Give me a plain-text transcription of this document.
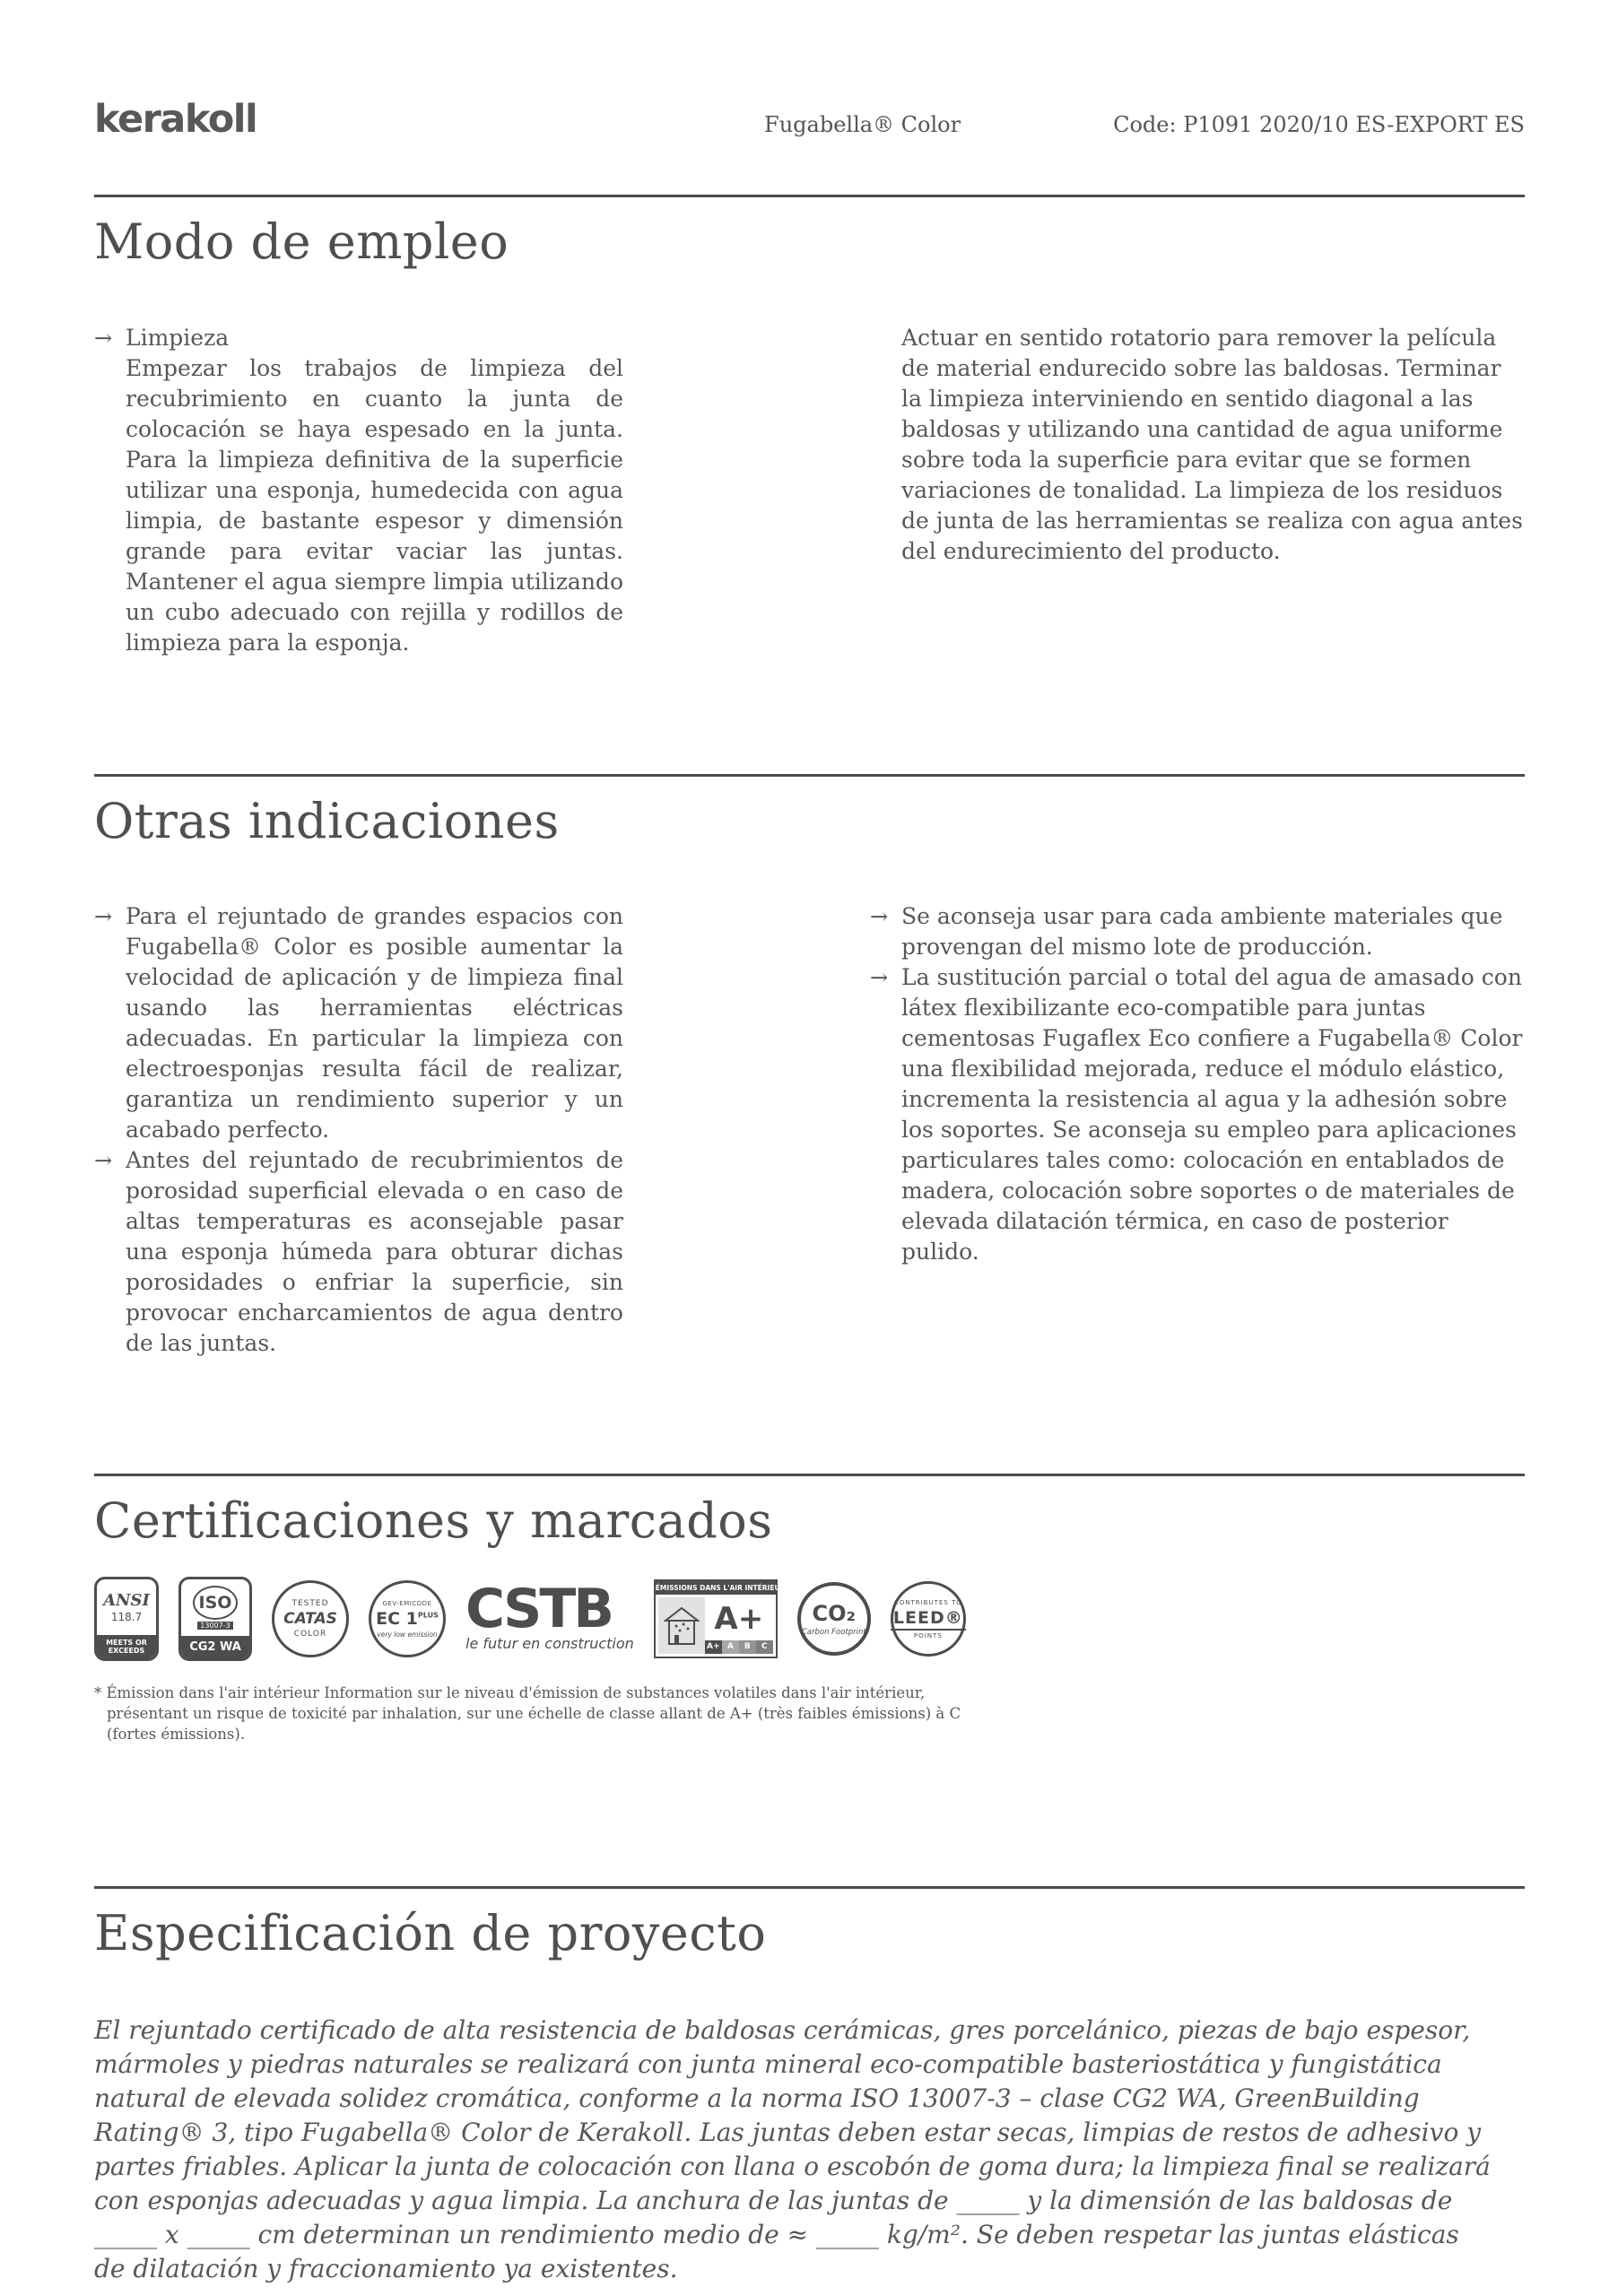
kerakoll	Fugabella® Color	Code: P1091 2020/10 ES-EXPORT ES
Modo de empleo
→ Limpieza
Empezar los trabajos de limpieza del recubrimiento en cuanto la junta de colocación se haya espesado en la junta. Para la limpieza definitiva de la superficie utilizar una esponja, humedecida con agua limpia, de bastante espesor y dimensión grande para evitar vaciar las juntas. Mantener el agua siempre limpia utilizando un cubo adecuado con rejilla y rodillos de limpieza para la esponja.
Actuar en sentido rotatorio para remover la película de material endurecido sobre las baldosas. Terminar la limpieza interviniendo en sentido diagonal a las baldosas y utilizando una cantidad de agua uniforme sobre toda la superficie para evitar que se formen variaciones de tonalidad. La limpieza de los residuos de junta de las herramientas se realiza con agua antes del endurecimiento del producto.
Otras indicaciones
→ Para el rejuntado de grandes espacios con Fugabella® Color es posible aumentar la velocidad de aplicación y de limpieza final usando las herramientas eléctricas adecuadas. En particular la limpieza con electroesponjas resulta fácil de realizar, garantiza un rendimiento superior y un acabado perfecto.
→ Antes del rejuntado de recubrimientos de porosidad superficial elevada o en caso de altas temperaturas es aconsejable pasar una esponja húmeda para obturar dichas porosidades o enfriar la superficie, sin provocar encharcamientos de agua dentro de las juntas.
→ Se aconseja usar para cada ambiente materiales que provengan del mismo lote de producción.
→ La sustitución parcial o total del agua de amasado con látex flexibilizante eco-compatible para juntas cementosas Fugaflex Eco confiere a Fugabella® Color una flexibilidad mejorada, reduce el módulo elástico, incrementa la resistencia al agua y la adhesión sobre los soportes. Se aconseja su empleo para aplicaciones particulares tales como: colocación en entablados de madera, colocación sobre soportes o de materiales de elevada dilatación térmica, en caso de posterior pulido.
Certificaciones y marcados
ANSI
118.7
MEETS OR EXCEEDS
ISO
13007-3
CG2 WA
TESTED
CATAS
COLOR
GEV-EMICODE
EC $1^{PLUS}$
very low emission CSTB
le futur en construction
ÉMISSIONS DANS L'AIR INTÉRIEUR*
A+
A+ A	B	C
CO₂
Carbon Footprint
CONTRIBUTES TO
LEED®
POINTS
* Émission dans l'air intérieur Information sur le niveau d'émission de substances volatiles dans l'air intérieur, présentant un risque de toxicité par inhalation, sur une échelle de classe allant de A+ (très faibles émissions) à C (fortes émissions).
Especificación de proyecto
El rejuntado certificado de alta resistencia de baldosas cerámicas, gres porcelánico, piezas de bajo espesor, mármoles y piedras naturales se realizará con junta mineral eco-compatible basteriostática y fungistática natural de elevada solidez cromática, conforme a la norma ISO 13007-3 – clase CG2 WA, GreenBuilding Rating® 3, tipo Fugabella® Color de Kerakoll. Las juntas deben estar secas, limpias de restos de adhesivo y partes friables. Aplicar la junta de colocación con llana o escobón de goma dura; la limpieza final se realizará con esponjas adecuadas y agua limpia. La anchura de las juntas de _____ y la dimensión de las baldosas de _____ x _____ cm determinan un rendimiento medio de ≈ _____ kg/m². Se deben respetar las juntas elásticas de dilatación y fraccionamiento ya existentes.
